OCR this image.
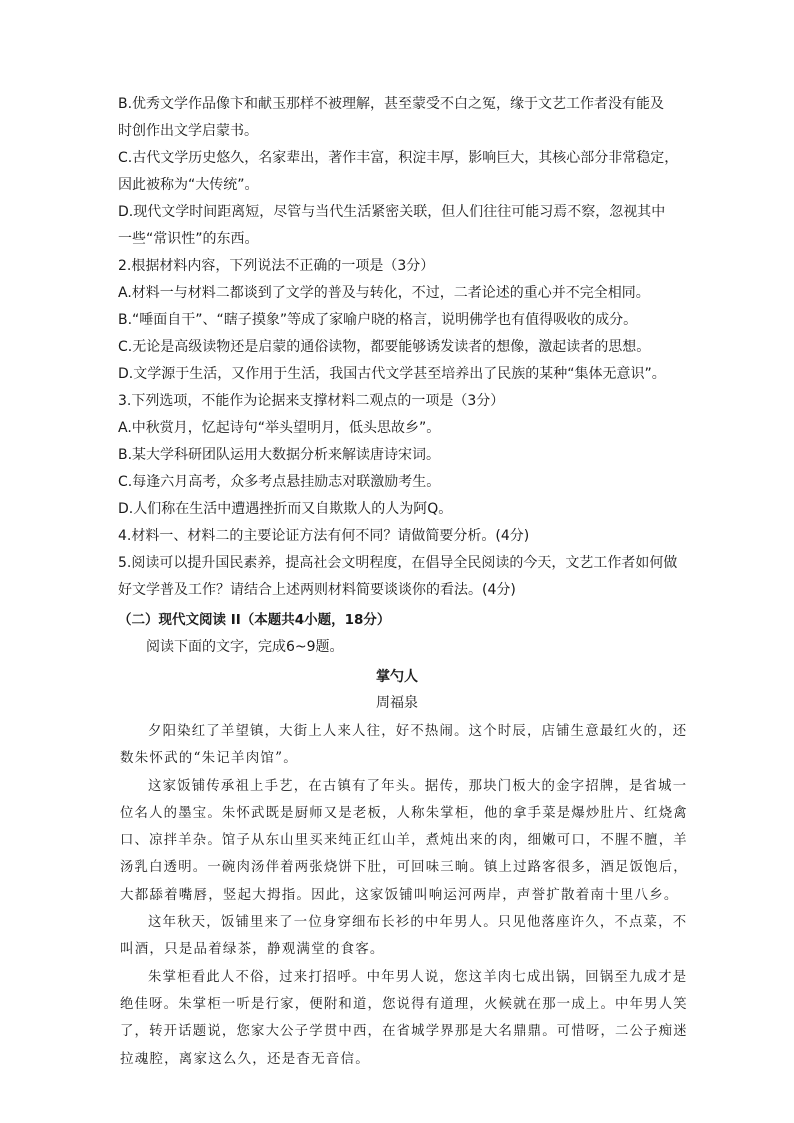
B.优秀文学作品像卞和献玉那样不被理解，甚至蒙受不白之冤，缘于文艺工作者没有能及
时创作出文学启蒙书。
C.古代文学历史悠久，名家辈出，著作丰富，积淀丰厚，影响巨大，其核心部分非常稳定，
因此被称为“大传统”。
D.现代文学时间距离短，尽管与当代生活紧密关联，但人们往往可能习焉不察，忽视其中
一些“常识性”的东西。
2.根据材料内容，下列说法不正确的一项是（3分）
A.材料一与材料二都谈到了文学的普及与转化，不过，二者论述的重心并不完全相同。
B.“唾面自干”、“瞎子摸象”等成了家喻户晓的格言，说明佛学也有值得吸收的成分。
C.无论是高级读物还是启蒙的通俗读物，都要能够诱发读者的想像，激起读者的思想。
D.文学源于生活，又作用于生活，我国古代文学甚至培养出了民族的某种“集体无意识”。
3.下列选项，不能作为论据来支撑材料二观点的一项是（3分）
A.中秋赏月，忆起诗句“举头望明月，低头思故乡”。
B.某大学科研团队运用大数据分析来解读唐诗宋词。
C.每逢六月高考，众多考点悬挂励志对联激励考生。
D.人们称在生活中遭遇挫折而又自欺欺人的人为阿Q。
4.材料一、材料二的主要论证方法有何不同？请做简要分析。(4分)
5.阅读可以提升国民素养，提高社会文明程度，在倡导全民阅读的今天，文艺工作者如何做
好文学普及工作？请结合上述两则材料简要谈谈你的看法。(4分)
（二）现代文阅读 II（本题共4小题，18分）
阅读下面的文字，完成6~9题。
掌勺人
周福泉
夕阳染红了羊望镇，大街上人来人往，好不热闹。这个时辰，店铺生意最红火的，还
数朱怀武的“朱记羊肉馆”。
这家饭铺传承祖上手艺，在古镇有了年头。据传，那块门板大的金字招牌，是省城一
位名人的墨宝。朱怀武既是厨师又是老板，人称朱掌柜，他的拿手菜是爆炒肚片、红烧禽
口、凉拌羊杂。馆子从东山里买来纯正红山羊，煮炖出来的肉，细嫩可口，不腥不膻，羊
汤乳白透明。一碗肉汤伴着两张烧饼下肚，可回味三晌。镇上过路客很多，酒足饭饱后，
大都舔着嘴唇，竖起大拇指。因此，这家饭铺叫响运河两岸，声誉扩散着南十里八乡。
这年秋天，饭铺里来了一位身穿细布长衫的中年男人。只见他落座许久，不点菜，不
叫酒，只是品着绿茶，静观满堂的食客。
朱掌柜看此人不俗，过来打招呼。中年男人说，您这羊肉七成出锅，回锅至九成才是
绝佳呀。朱掌柜一听是行家，便附和道，您说得有道理，火候就在那一成上。中年男人笑
了，转开话题说，您家大公子学贯中西，在省城学界那是大名鼎鼎。可惜呀，二公子痴迷
拉魂腔，离家这么久，还是杳无音信。
